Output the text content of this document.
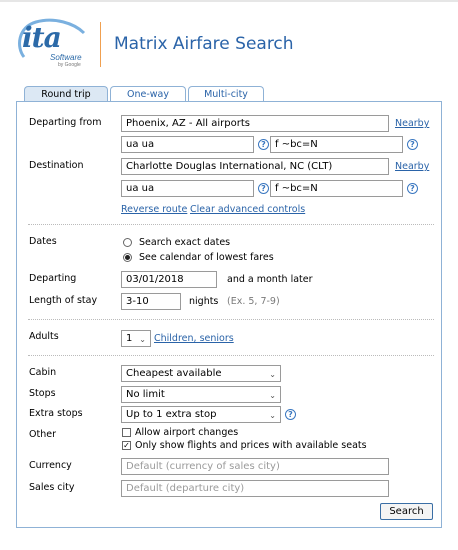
ita
Software
by Google
Matrix Airfare Search
Round trip	One-way	Multi-city
Departing from	Phoenix, AZ - All airports	Nearby
ua ua	? f ~bc=N	?
Destination	Charlotte Douglas International, NC (CLT)	Nearby
ua ua	? f ~bc=N	?
Reverse route Clear advanced controls
Dates	Search exact dates
See calendar of lowest fares
Departing	03/01/2018	and a month later
Length of stay	3-10	nights (Ex. 5, 7-9)
Adults	1 ⌄ Children, seniors
Cabin	Cheapest available	⌄
Stops	No limit	⌄
Extra stops	Up to 1 extra stop	⌄	?
Other	Allow airport changes
✓ Only show flights and prices with available seats
Currency	Default (currency of sales city)
Sales city	Default (departure city)
Search
